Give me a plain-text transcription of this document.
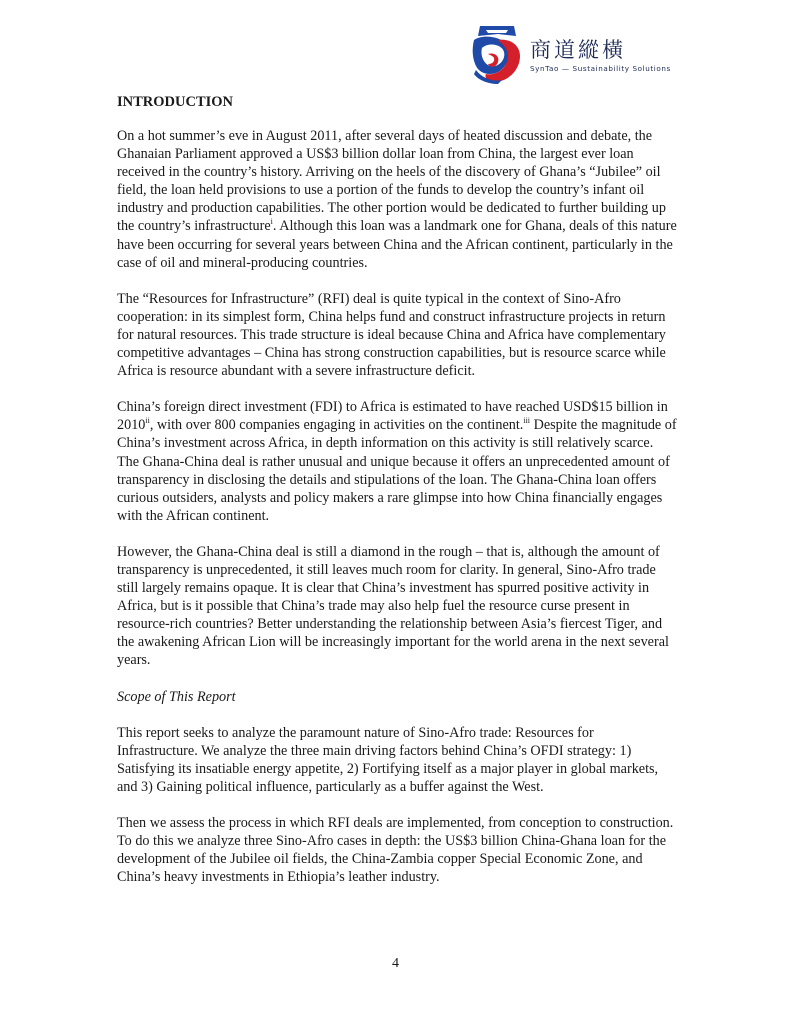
商道縱橫
SynTao — Sustainability Solutions
INTRODUCTION

On a hot summer’s eve in August 2011, after several days of heated discussion and debate, the Ghanaian Parliament approved a US$3 billion dollar loan from China, the largest ever loan received in the country’s history. Arriving on the heels of the discovery of Ghana’s “Jubilee” oil field, the loan held provisions to use a portion of the funds to develop the country’s infant oil industry and production capabilities. The other portion would be dedicated to further building up the country’s infrastructure$^i$. Although this loan was a landmark one for Ghana, deals of this nature have been occurring for several years between China and the African continent, particularly in the case of oil and mineral-producing countries.

The “Resources for Infrastructure” (RFI) deal is quite typical in the context of Sino-Afro cooperation: in its simplest form, China helps fund and construct infrastructure projects in return for natural resources. This trade structure is ideal because China and Africa have complementary competitive advantages – China has strong construction capabilities, but is resource scarce while Africa is resource abundant with a severe infrastructure deficit.

China’s foreign direct investment (FDI) to Africa is estimated to have reached USD$15 billion in 2010$^{ii}$, with over 800 companies engaging in activities on the continent.$^{iii}$ Despite the magnitude of China’s investment across Africa, in depth information on this activity is still relatively scarce. The Ghana-China deal is rather unusual and unique because it offers an unprecedented amount of transparency in disclosing the details and stipulations of the loan. The Ghana-China loan offers curious outsiders, analysts and policy makers a rare glimpse into how China financially engages with the African continent.

However, the Ghana-China deal is still a diamond in the rough – that is, although the amount of transparency is unprecedented, it still leaves much room for clarity. In general, Sino-Afro trade still largely remains opaque. It is clear that China’s investment has spurred positive activity in Africa, but is it possible that China’s trade may also help fuel the resource curse present in resource-rich countries? Better understanding the relationship between Asia’s fiercest Tiger, and the awakening African Lion will be increasingly important for the world arena in the next several years.

Scope of This Report

This report seeks to analyze the paramount nature of Sino-Afro trade: Resources for Infrastructure. We analyze the three main driving factors behind China’s OFDI strategy: 1) Satisfying its insatiable energy appetite, 2) Fortifying itself as a major player in global markets, and 3) Gaining political influence, particularly as a buffer against the West.

Then we assess the process in which RFI deals are implemented, from conception to construction. To do this we analyze three Sino-Afro cases in depth: the US$3 billion China-Ghana loan for the development of the Jubilee oil fields, the China-Zambia copper Special Economic Zone, and China’s heavy investments in Ethiopia’s leather industry.

4
